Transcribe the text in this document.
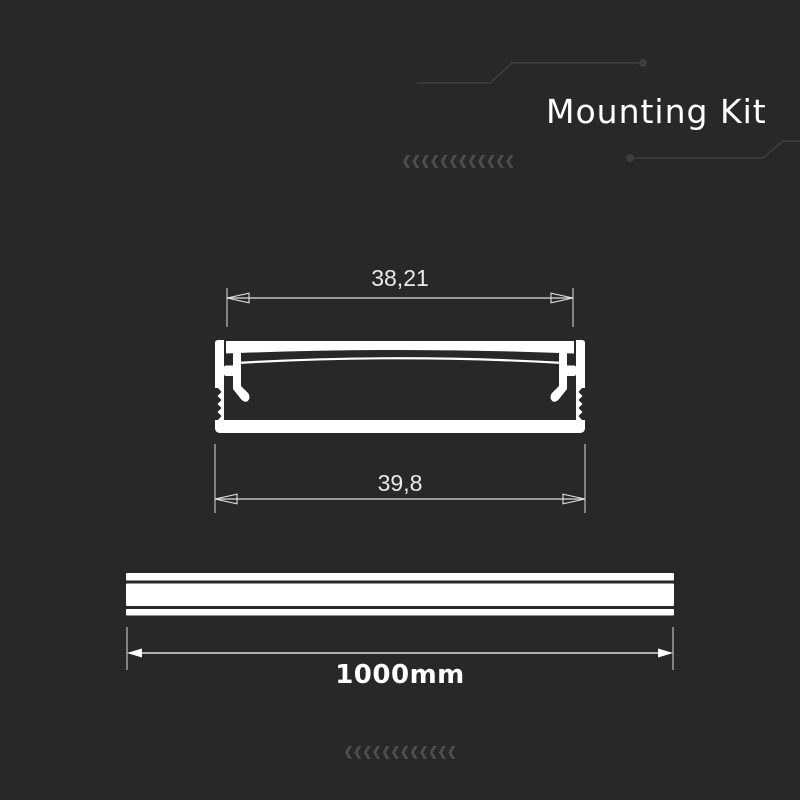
Mounting Kit
38,21
39,8
1000mm
